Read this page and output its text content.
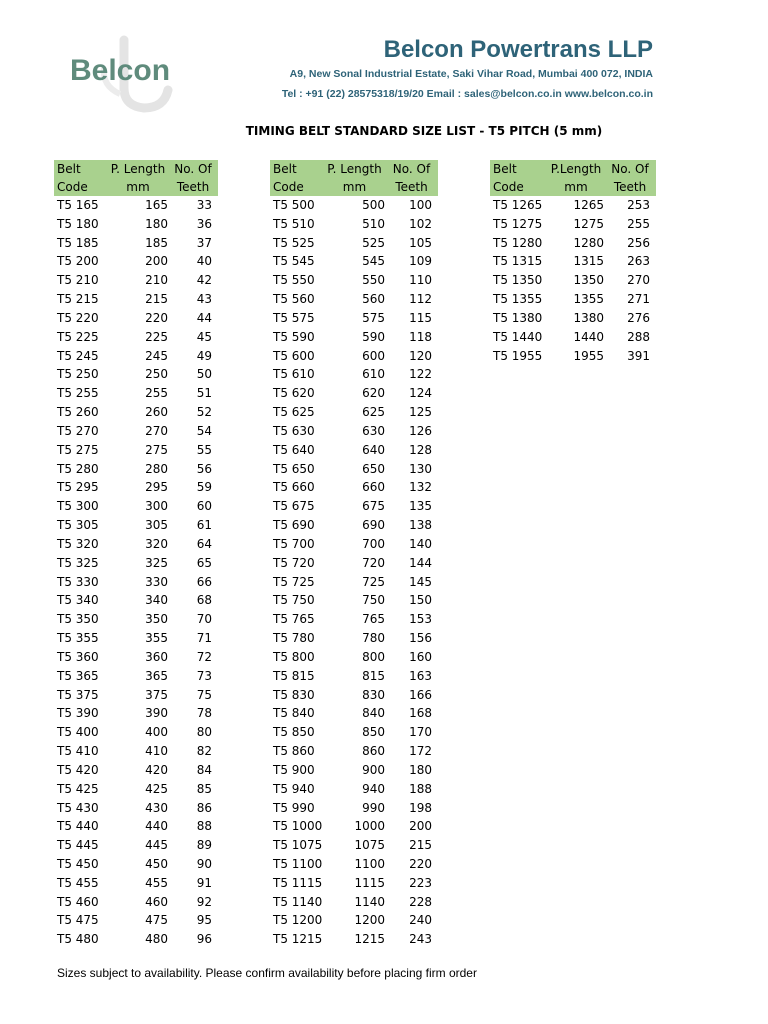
Belcon
Belcon Powertrans LLP
A9, New Sonal Industrial Estate, Saki Vihar Road, Mumbai 400 072, INDIA
Tel : +91 (22) 28575318/19/20 Email : sales@belcon.co.in www.belcon.co.in
TIMING BELT STANDARD SIZE LIST - T5 PITCH (5 mm)
Belt	P. Length No. Of
Code	mm	Teeth
T5 165	165	33
T5 180	180	36
T5 185	185	37
T5 200	200	40
T5 210	210	42
T5 215	215	43
T5 220	220	44
T5 225	225	45
T5 245	245	49
T5 250	250	50
T5 255	255	51
T5 260	260	52
T5 270	270	54
T5 275	275	55
T5 280	280	56
T5 295	295	59
T5 300	300	60
T5 305	305	61
T5 320	320	64
T5 325	325	65
T5 330	330	66
T5 340	340	68
T5 350	350	70
T5 355	355	71
T5 360	360	72
T5 365	365	73
T5 375	375	75
T5 390	390	78
T5 400	400	80
T5 410	410	82
T5 420	420	84
T5 425	425	85
T5 430	430	86
T5 440	440	88
T5 445	445	89
T5 450	450	90
T5 455	455	91
T5 460	460	92
T5 475	475	95
T5 480	480	96
Belt	P. Length No. Of
Code	mm	Teeth
T5 500	500	100
T5 510	510	102
T5 525	525	105
T5 545	545	109
T5 550	550	110
T5 560	560	112
T5 575	575	115
T5 590	590	118
T5 600	600	120
T5 610	610	122
T5 620	620	124
T5 625	625	125
T5 630	630	126
T5 640	640	128
T5 650	650	130
T5 660	660	132
T5 675	675	135
T5 690	690	138
T5 700	700	140
T5 720	720	144
T5 725	725	145
T5 750	750	150
T5 765	765	153
T5 780	780	156
T5 800	800	160
T5 815	815	163
T5 830	830	166
T5 840	840	168
T5 850	850	170
T5 860	860	172
T5 900	900	180
T5 940	940	188
T5 990	990	198
T5 1000	1000	200
T5 1075	1075	215
T5 1100	1100	220
T5 1115	1115	223
T5 1140	1140	228
T5 1200	1200	240
T5 1215	1215	243
Belt	P.Length No. Of
Code	mm	Teeth
T5 1265	1265	253
T5 1275	1275	255
T5 1280	1280	256
T5 1315	1315	263
T5 1350	1350	270
T5 1355	1355	271
T5 1380	1380	276
T5 1440	1440	288
T5 1955	1955	391
Sizes subject to availability. Please confirm availability before placing firm order
